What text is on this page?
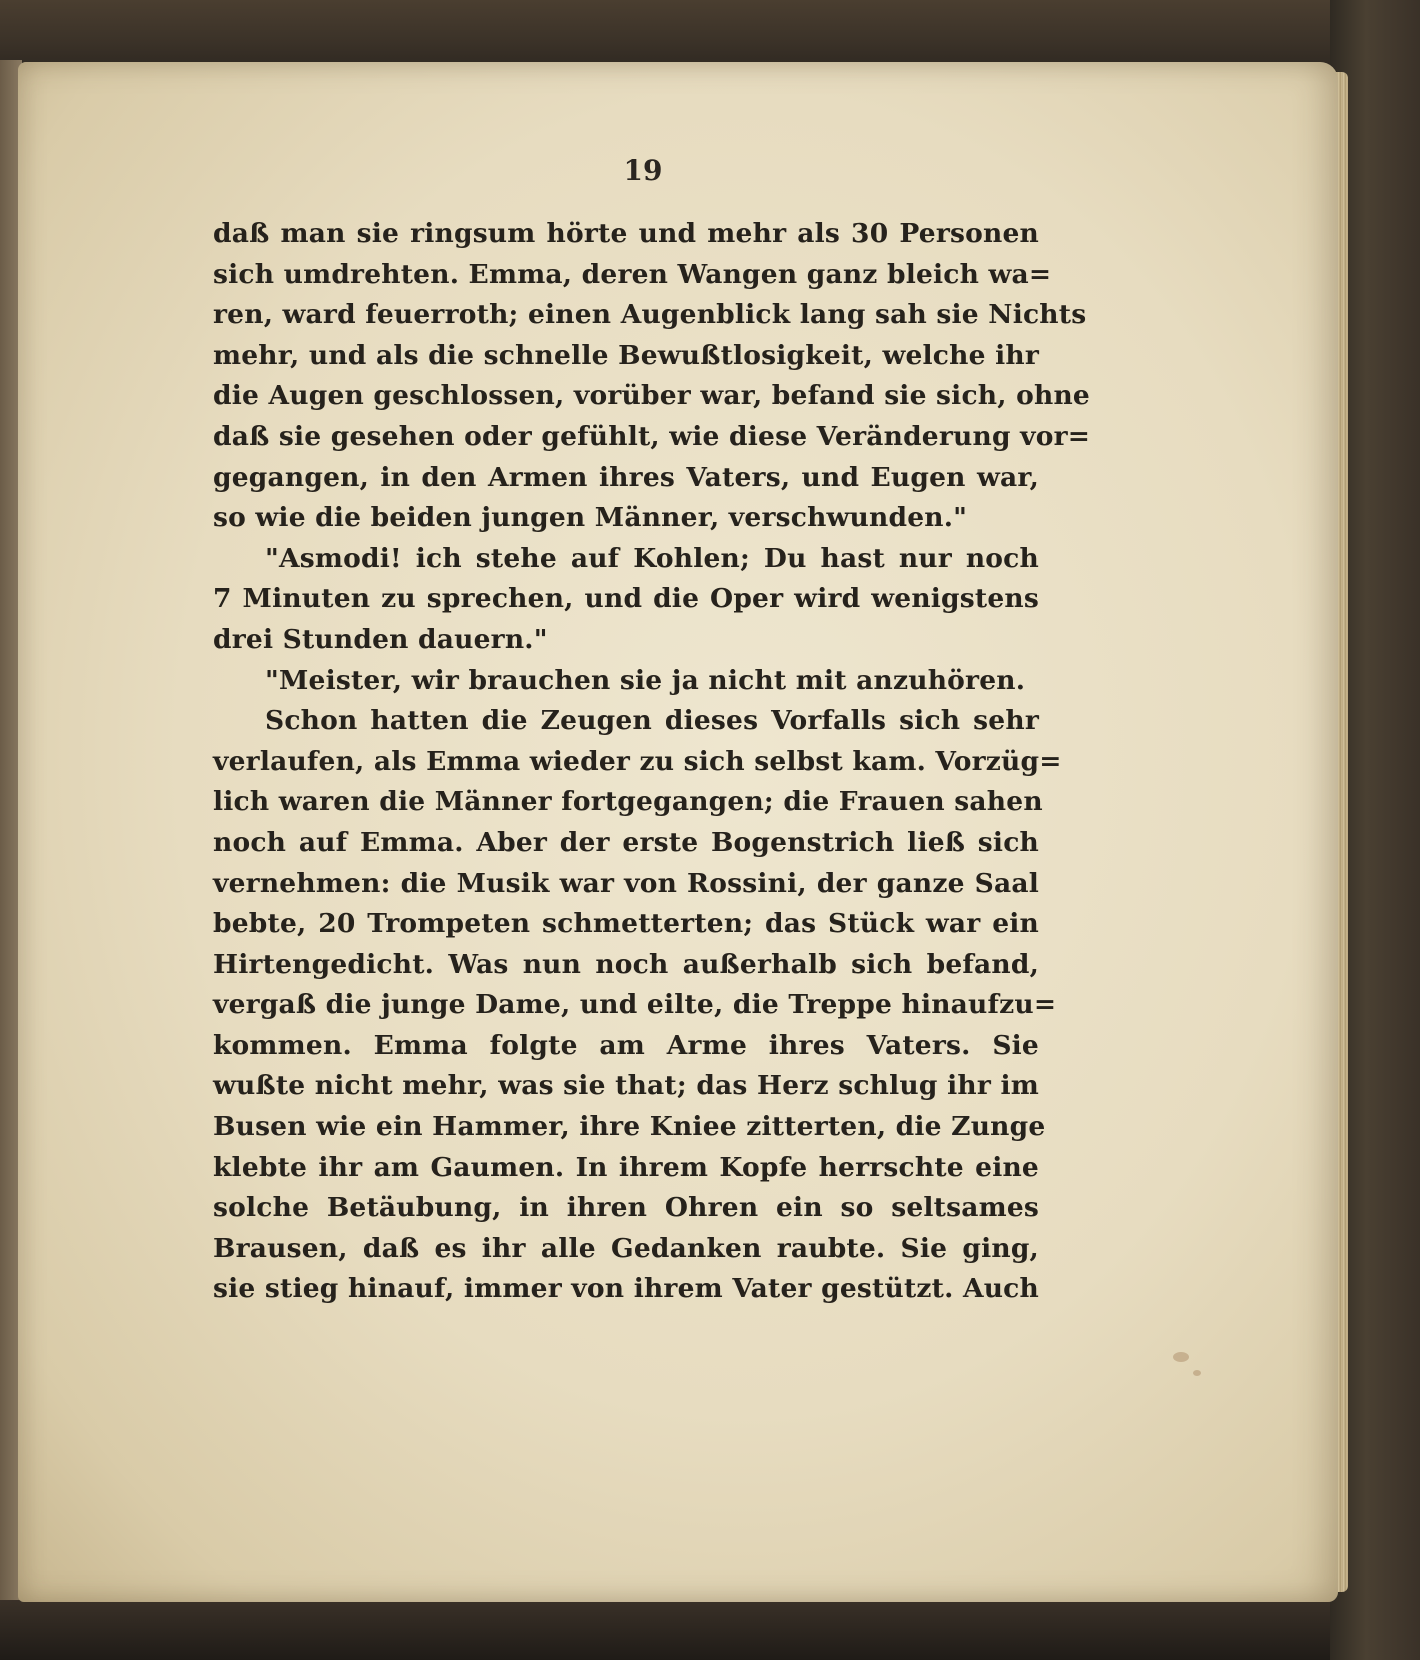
19
daß man sie ringsum hörte und mehr als 30 Personen
sich umdrehten. Emma, deren Wangen ganz bleich wa=
ren, ward feuerroth; einen Augenblick lang sah sie Nichts
mehr, und als die schnelle Bewußtlosigkeit, welche ihr
die Augen geschlossen, vorüber war, befand sie sich, ohne
daß sie gesehen oder gefühlt, wie diese Veränderung vor=
gegangen, in den Armen ihres Vaters, und Eugen war,
so wie die beiden jungen Männer, verschwunden."
"Asmodi! ich stehe auf Kohlen; Du hast nur noch
7 Minuten zu sprechen, und die Oper wird wenigstens
drei Stunden dauern."
"Meister, wir brauchen sie ja nicht mit anzuhören.
Schon hatten die Zeugen dieses Vorfalls sich sehr
verlaufen, als Emma wieder zu sich selbst kam. Vorzüg=
lich waren die Männer fortgegangen; die Frauen sahen
noch auf Emma. Aber der erste Bogenstrich ließ sich
vernehmen: die Musik war von Rossini, der ganze Saal
bebte, 20 Trompeten schmetterten; das Stück war ein
Hirtengedicht. Was nun noch außerhalb sich befand,
vergaß die junge Dame, und eilte, die Treppe hinaufzu=
kommen. Emma folgte am Arme ihres Vaters. Sie
wußte nicht mehr, was sie that; das Herz schlug ihr im
Busen wie ein Hammer, ihre Kniee zitterten, die Zunge
klebte ihr am Gaumen. In ihrem Kopfe herrschte eine
solche Betäubung, in ihren Ohren ein so seltsames
Brausen, daß es ihr alle Gedanken raubte. Sie ging,
sie stieg hinauf, immer von ihrem Vater gestützt. Auch
